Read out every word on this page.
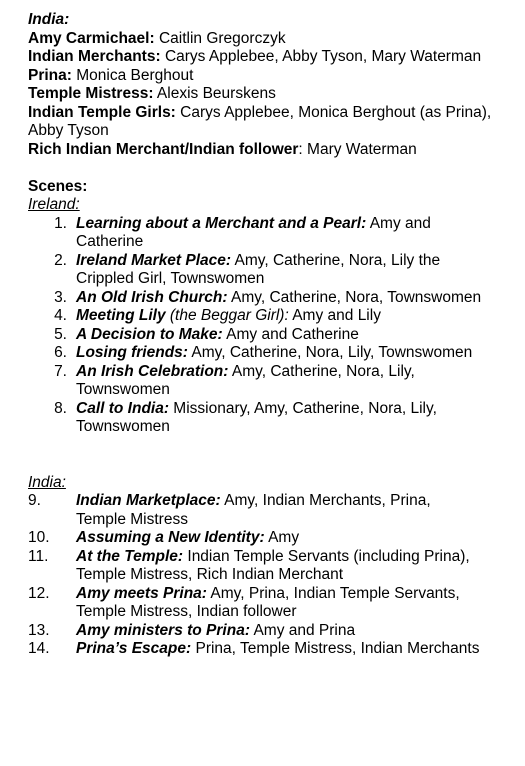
India:

Amy Carmichael: Caitlin Gregorczyk

Indian Merchants: Carys Applebee, Abby Tyson, Mary Waterman

Prina: Monica Berghout

Temple Mistress: Alexis Beurskens

Indian Temple Girls: Carys Applebee, Monica Berghout (as Prina), Abby Tyson

Rich Indian Merchant/Indian follower: Mary Waterman

Scenes:

Ireland:

1. Learning about a Merchant and a Pearl: Amy and Catherine
2. Ireland Market Place: Amy, Catherine, Nora, Lily the Crippled Girl, Townswomen
3. An Old Irish Church: Amy, Catherine, Nora, Townswomen
4. Meeting Lily (the Beggar Girl): Amy and Lily
5. A Decision to Make: Amy and Catherine
6. Losing friends: Amy, Catherine, Nora, Lily, Townswomen
7. An Irish Celebration: Amy, Catherine, Nora, Lily, Townswomen
8. Call to India: Missionary, Amy, Catherine, Nora, Lily, Townswomen

India:

9.	Indian Marketplace: Amy, Indian Merchants, Prina, Temple Mistress
10.	Assuming a New Identity: Amy
11.	At the Temple: Indian Temple Servants (including Prina), Temple Mistress, Rich Indian Merchant
12.	Amy meets Prina: Amy, Prina, Indian Temple Servants, Temple Mistress, Indian follower
13.	Amy ministers to Prina: Amy and Prina
14.	Prina’s Escape: Prina, Temple Mistress, Indian Merchants
